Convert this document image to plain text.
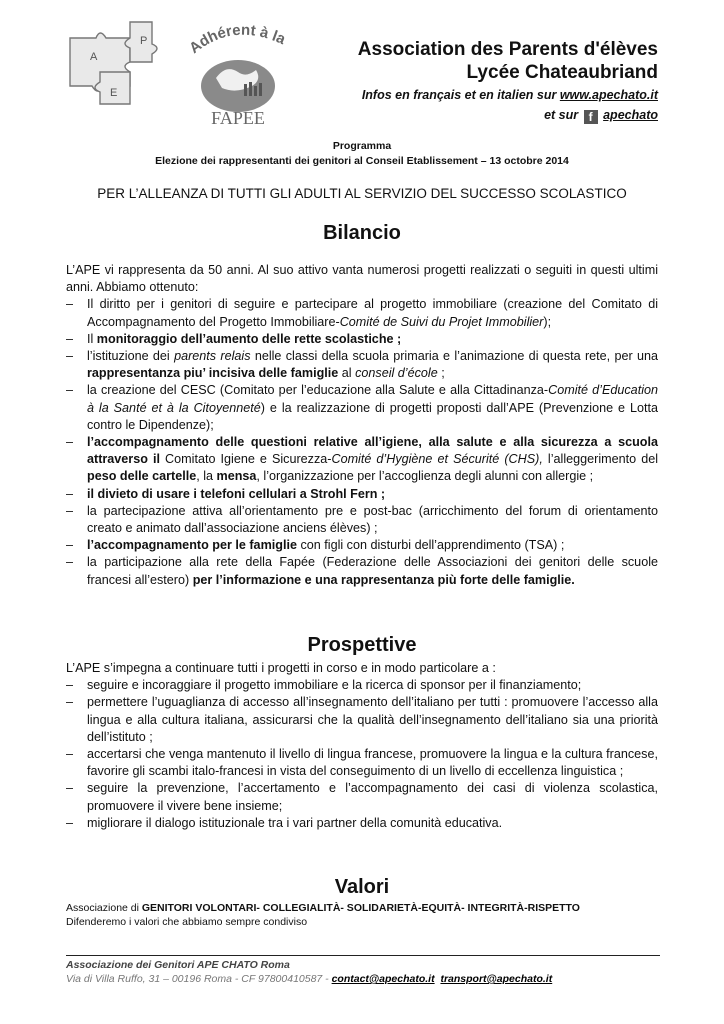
A
P
E
Adhérent à la
FAPEE
Association des Parents d'élèves
Lycée Chateaubriand
Infos en français et en italien sur www.apechato.it
et sur f apechato
Programma
Elezione dei rappresentanti dei genitori al Conseil Etablissement – 13 octobre 2014
PER L’ALLEANZA DI TUTTI GLI ADULTI AL SERVIZIO DEL SUCCESSO SCOLASTICO
Bilancio

L’APE vi rappresenta da 50 anni. Al suo attivo vanta numerosi progetti realizzati o seguiti in questi ultimi anni. Abbiamo ottenuto:

– Il diritto per i genitori di seguire e partecipare al progetto immobiliare (creazione del Comitato di Accompagnamento del Progetto Immobiliare-Comité de Suivi du Projet Immobilier);
– Il monitoraggio dell’aumento delle rette scolastiche ;
– l’istituzione dei parents relais nelle classi della scuola primaria e l’animazione di questa rete, per una rappresentanza piu’ incisiva delle famiglie al conseil d’école ;
– la creazione del CESC (Comitato per l’educazione alla Salute e alla Cittadinanza-Comité d’Education à la Santé et à la Citoyenneté) e la realizzazione di progetti proposti dall’APE (Prevenzione e Lotta contro le Dipendenze);
– l’accompagnamento delle questioni relative all’igiene, alla salute e alla sicurezza a scuola attraverso il Comitato Igiene e Sicurezza-Comité d’Hygiène et Sécurité (CHS), l’alleggerimento del peso delle cartelle, la mensa, l’organizzazione per l’accoglienza degli alunni con allergie ;
– il divieto di usare i telefoni cellulari a Strohl Fern ;
– la partecipazione attiva all’orientamento pre e post-bac (arricchimento del forum di orientamento creato e animato dall’associazione anciens élèves) ;
– l’accompagnamento per le famiglie con figli con disturbi dell’apprendimento (TSA) ;
– la participazione alla rete della Fapée (Federazione delle Associazioni dei genitori delle scuole francesi all’estero) per l’informazione e una rappresentanza più forte delle famiglie.
Prospettive

L’APE s’impegna a continuare tutti i progetti in corso e in modo particolare a :

– seguire e incoraggiare il progetto immobiliare e la ricerca di sponsor per il finanziamento;
– permettere l’uguaglianza di accesso all’insegnamento dell’italiano per tutti : promuovere l’accesso alla lingua e alla cultura italiana, assicurarsi che la qualità dell’insegnamento dell’italiano sia una priorità dell’istituto ;
– accertarsi che venga mantenuto il livello di lingua francese, promuovere la lingua e la cultura francese, favorire gli scambi italo-francesi in vista del conseguimento di un livello di eccellenza linguistica ;
– seguire la prevenzione, l’accertamento e l’accompagnamento dei casi di violenza scolastica, promuovere il vivere bene insieme;
– migliorare il dialogo istituzionale tra i vari partner della comunità educativa.
Valori
Associazione di GENITORI VOLONTARI- COLLEGIALITÀ- SOLIDARIETÀ-EQUITÀ- INTEGRITÀ-RISPETTO
Difenderemo i valori che abbiamo sempre condiviso
Associazione dei Genitori APE CHATO Roma
Via di Villa Ruffo, 31 – 00196 Roma - CF 97800410587 - contact@apechato.it transport@apechato.it
